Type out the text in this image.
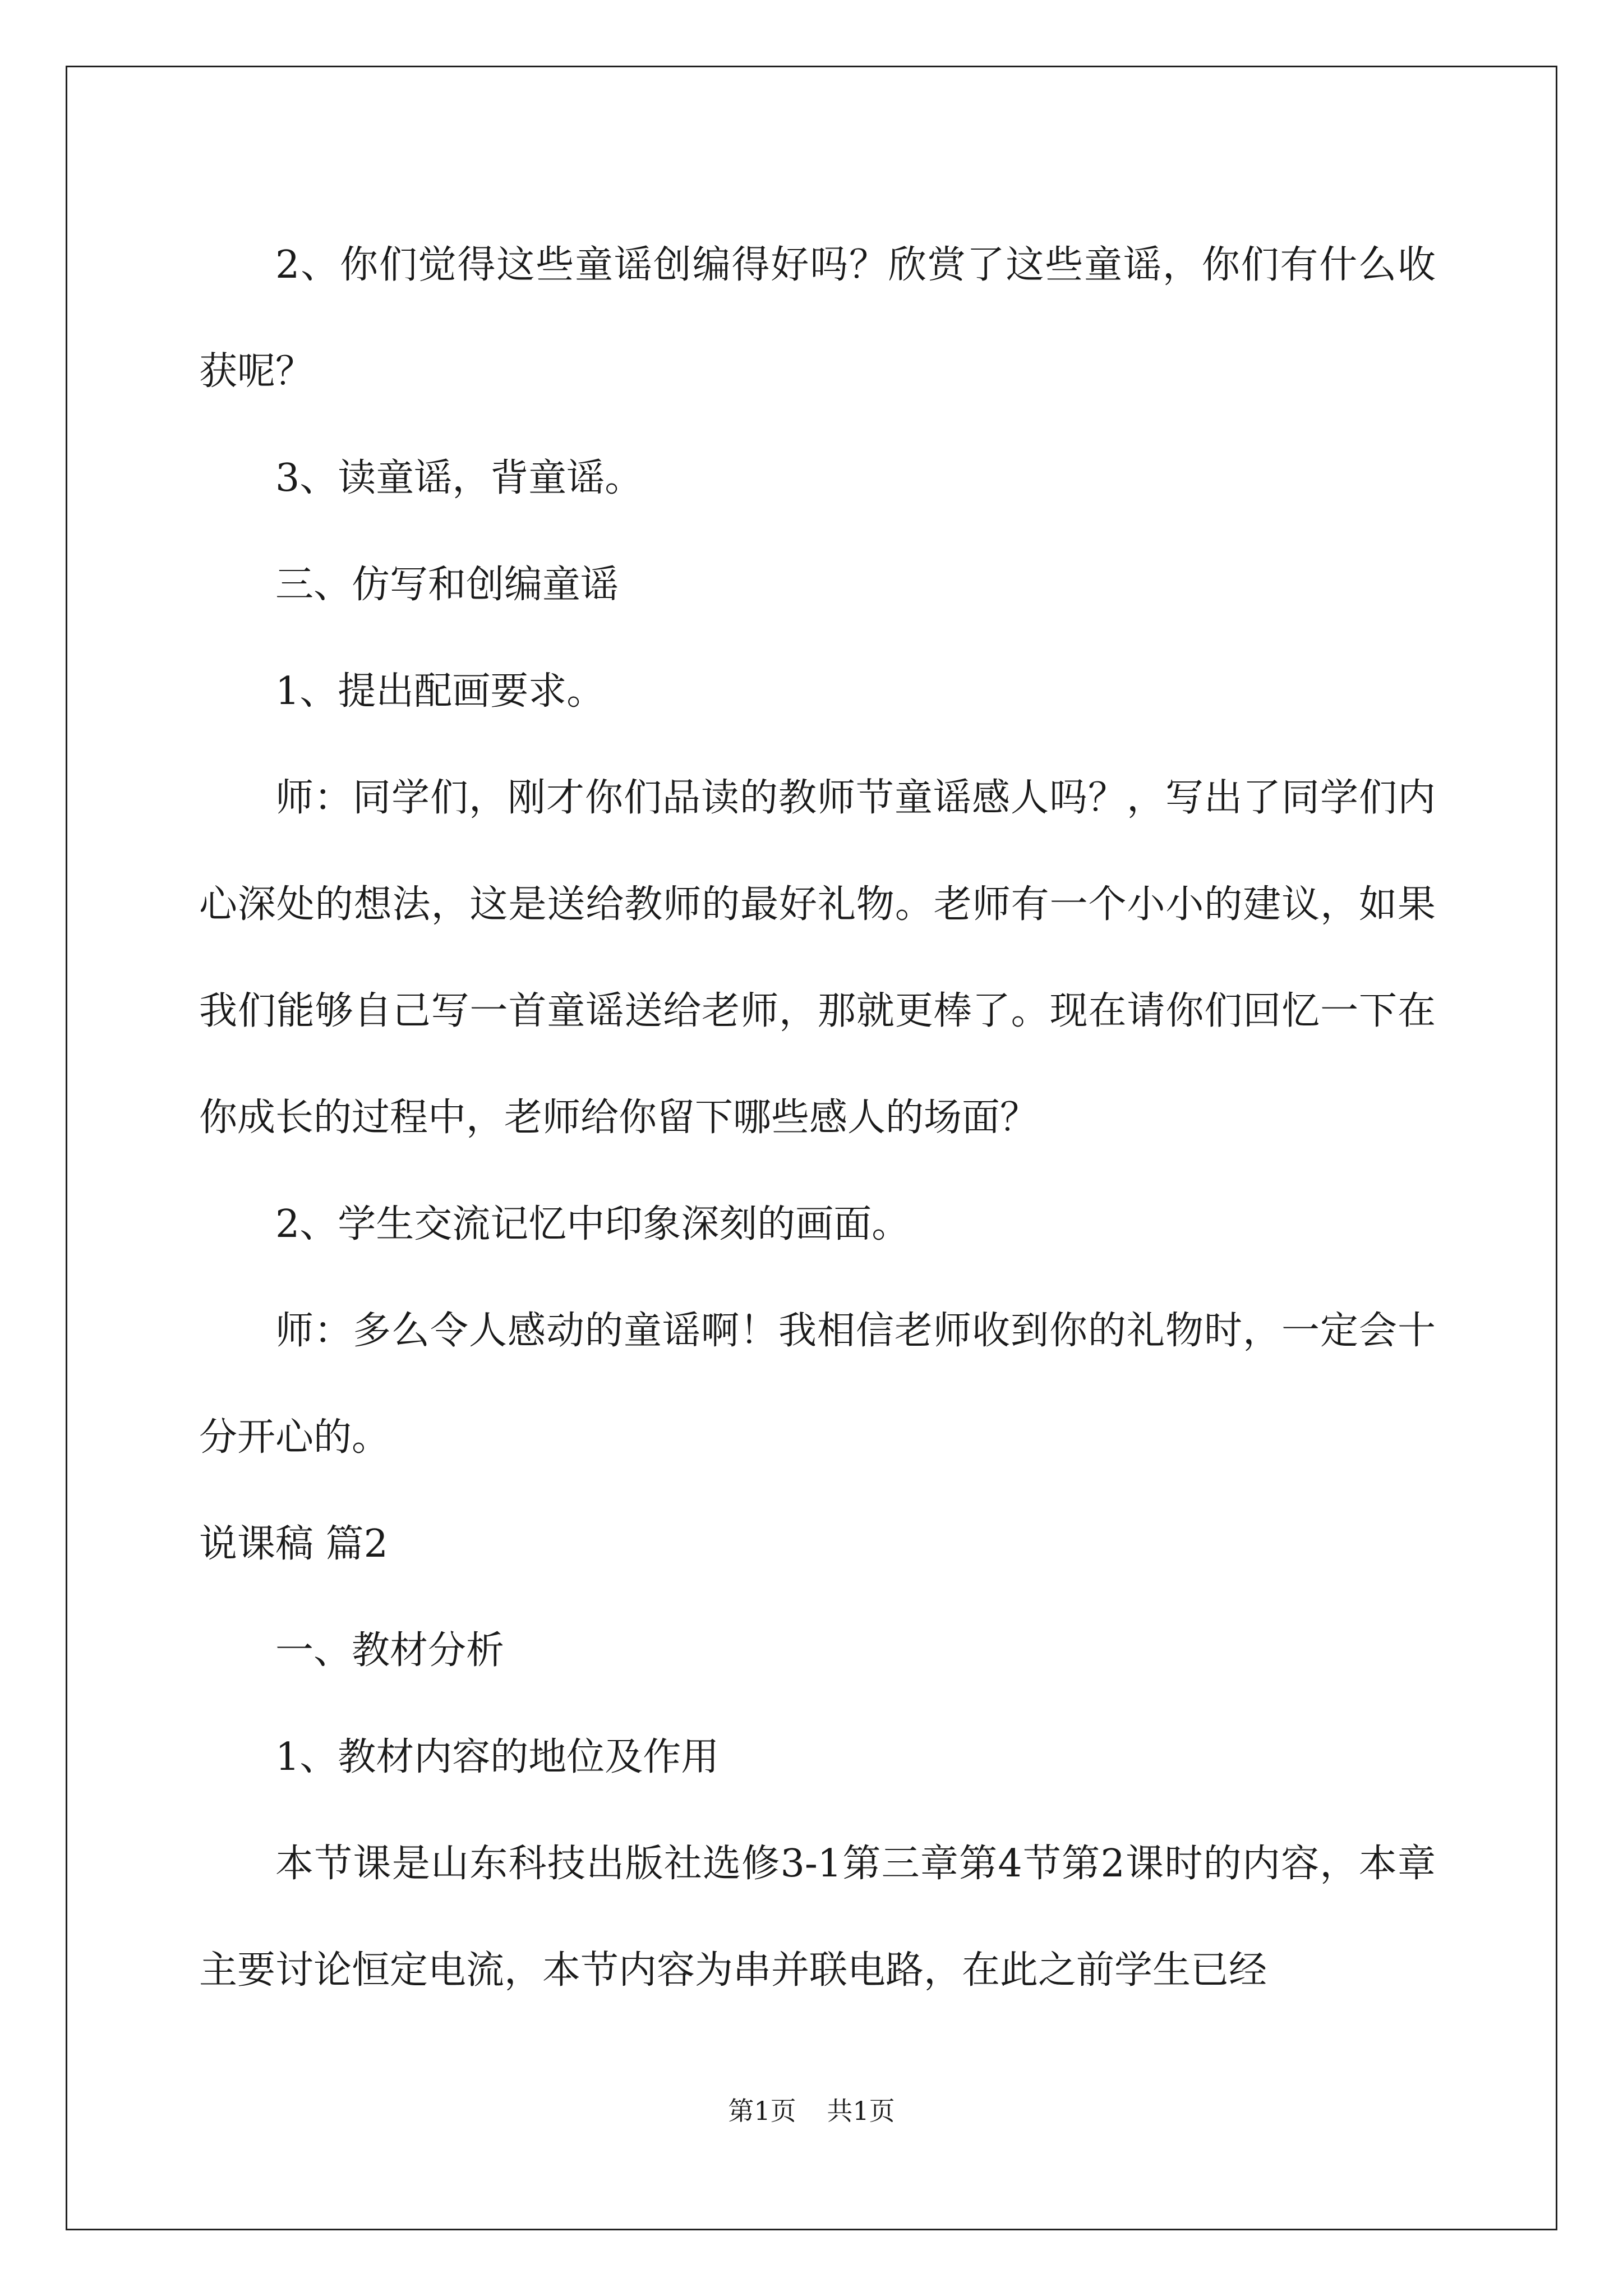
2、你们觉得这些童谣创编得好吗？欣赏了这些童谣，你们有什么收获呢？

3、读童谣，背童谣。

三、仿写和创编童谣

1、提出配画要求。

师：同学们，刚才你们品读的教师节童谣感人吗？，写出了同学们内心深处的想法，这是送给教师的最好礼物。老师有一个小小的建议，如果我们能够自己写一首童谣送给老师，那就更棒了。现在请你们回忆一下在你成长的过程中，老师给你留下哪些感人的场面？

2、学生交流记忆中印象深刻的画面。

师：多么令人感动的童谣啊！我相信老师收到你的礼物时，一定会十分开心的。

说课稿 篇2

一、教材分析

1、教材内容的地位及作用

本节课是山东科技出版社选修3-1第三章第4节第2课时的内容，本章主要讨论恒定电流，本节内容为串并联电路，在此之前学生已经

第1页 共1页
